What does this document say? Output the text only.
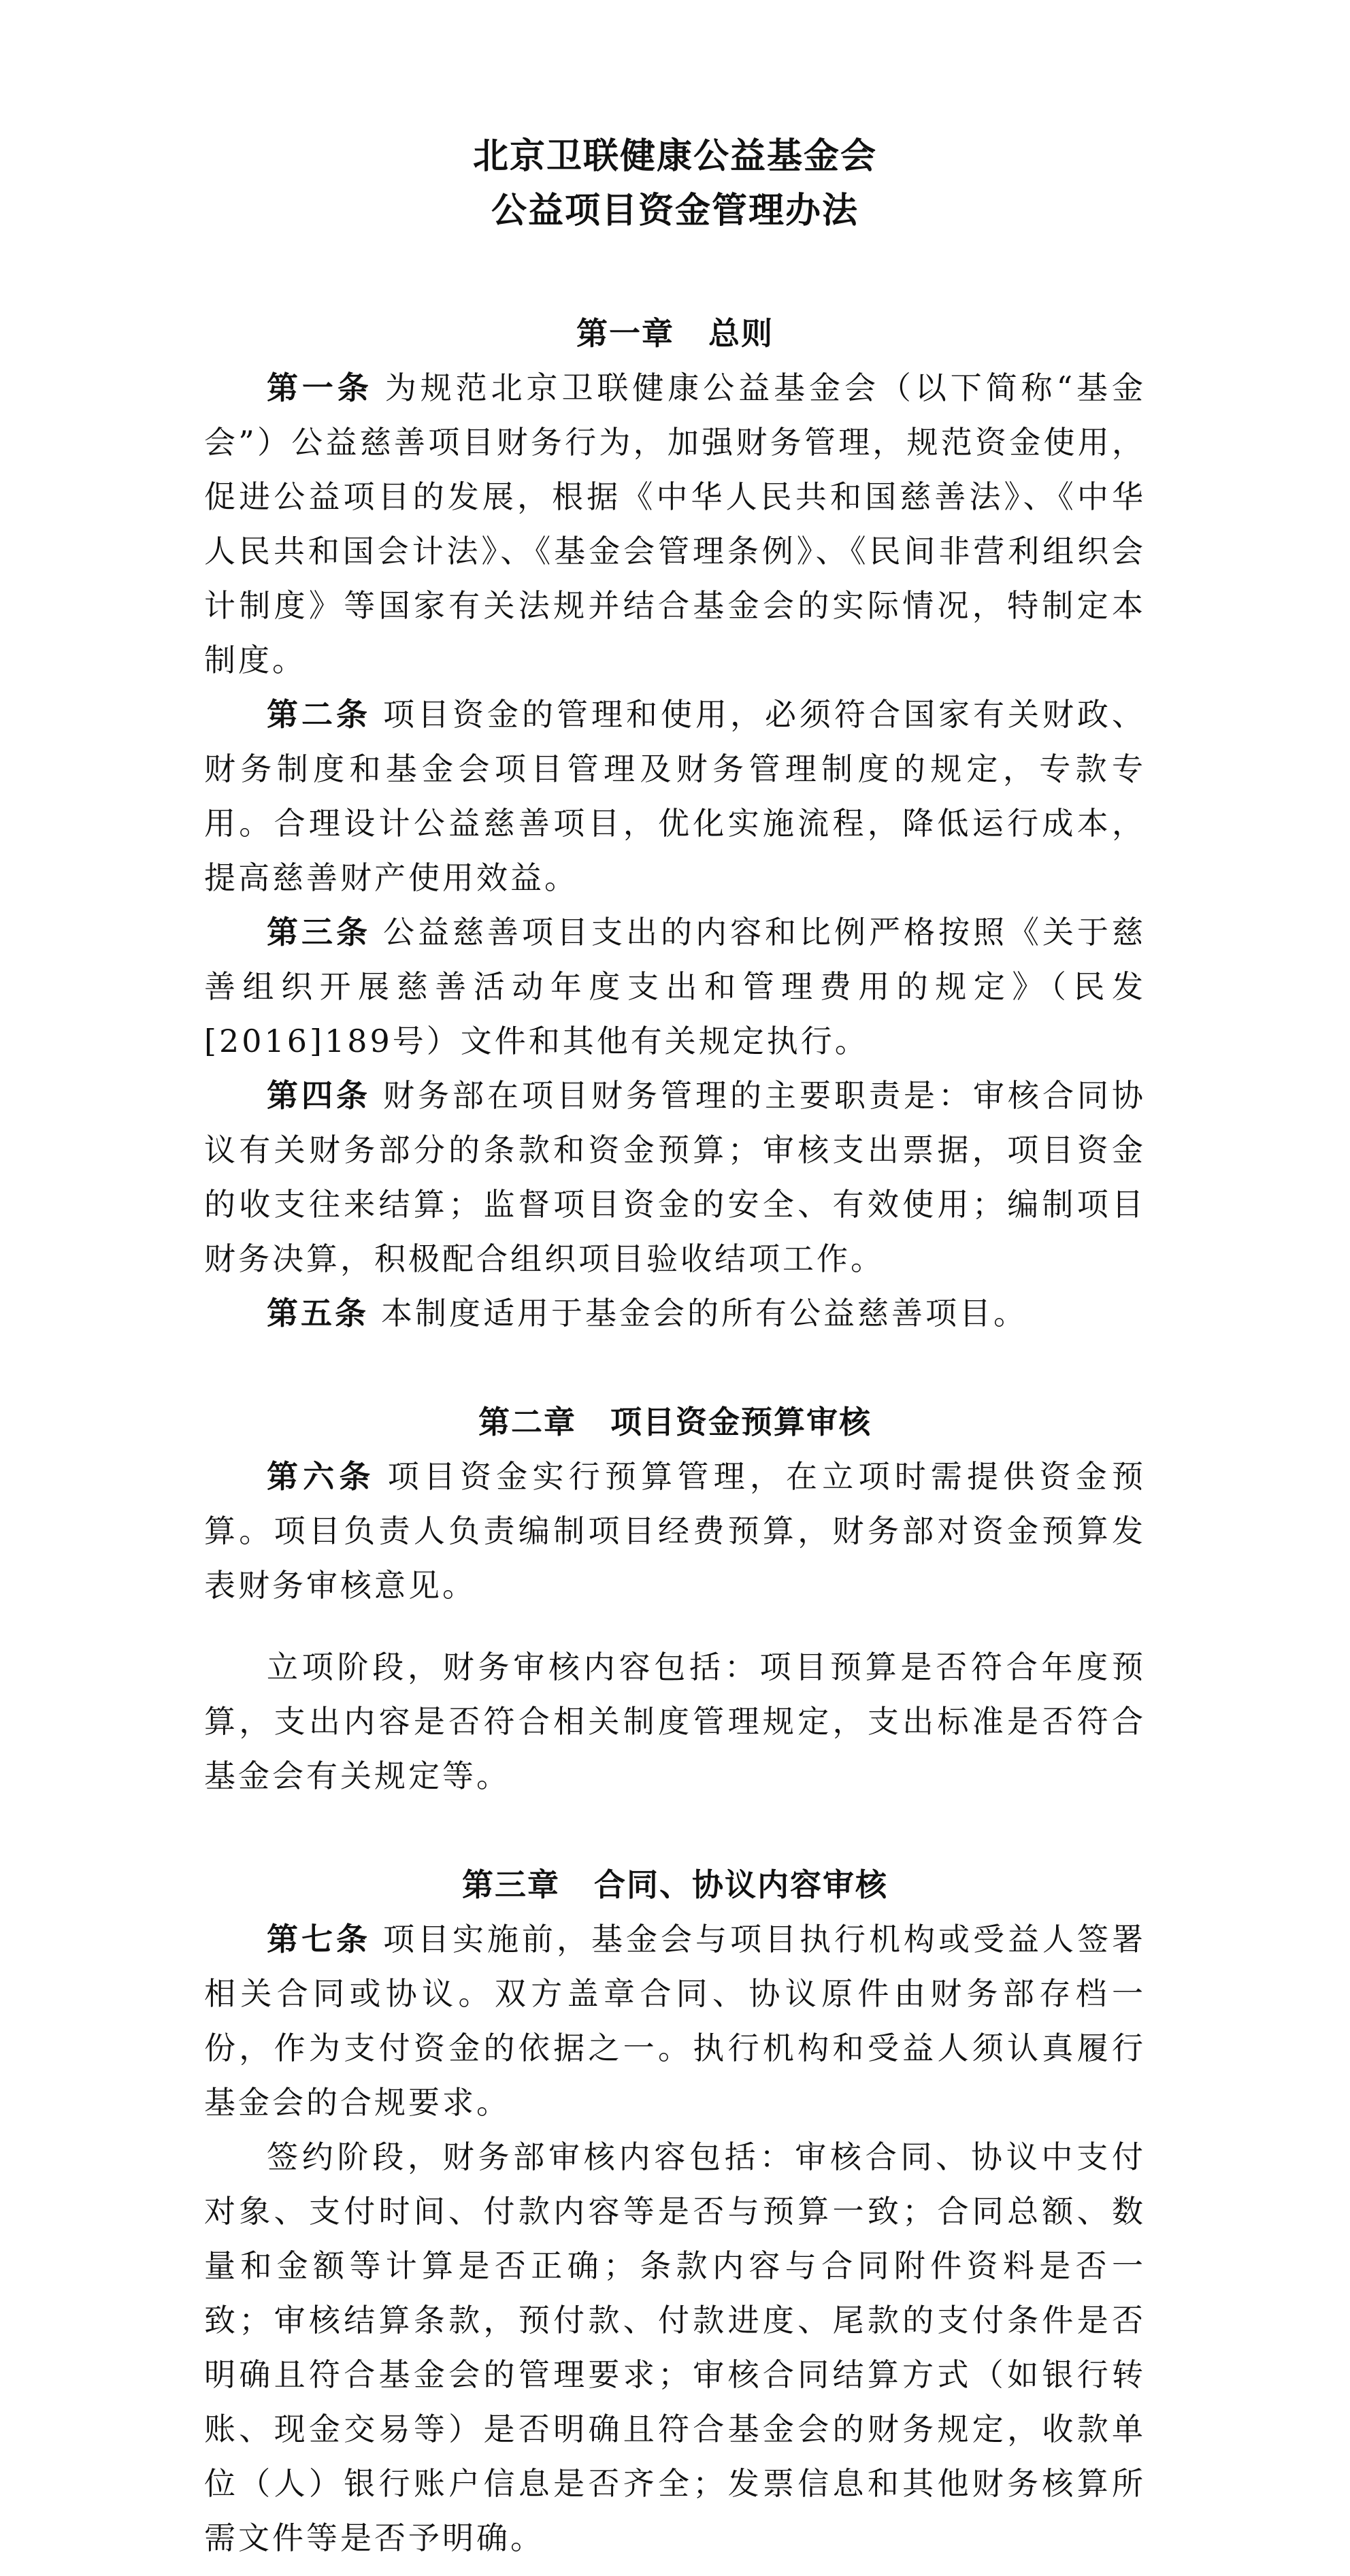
北京卫联健康公益基金会
公益项目资金管理办法
第一章 总则

第一条 为规范北京卫联健康公益基金会（以下简称“基金会”）公益慈善项目财务行为，加强财务管理，规范资金使用，促进公益项目的发展，根据《中华人民共和国慈善法》、《中华人民共和国会计法》、《基金会管理条例》、《民间非营利组织会计制度》等国家有关法规并结合基金会的实际情况，特制定本制度。

第二条 项目资金的管理和使用，必须符合国家有关财政、财务制度和基金会项目管理及财务管理制度的规定，专款专用。合理设计公益慈善项目，优化实施流程，降低运行成本，提高慈善财产使用效益。

第三条 公益慈善项目支出的内容和比例严格按照《关于慈善组织开展慈善活动年度支出和管理费用的规定》（民发[2016]189号）文件和其他有关规定执行。

第四条 财务部在项目财务管理的主要职责是：审核合同协议有关财务部分的条款和资金预算；审核支出票据，项目资金的收支往来结算；监督项目资金的安全、有效使用；编制项目财务决算，积极配合组织项目验收结项工作。

第五条 本制度适用于基金会的所有公益慈善项目。

第二章 项目资金预算审核

第六条 项目资金实行预算管理，在立项时需提供资金预算。项目负责人负责编制项目经费预算，财务部对资金预算发表财务审核意见。

立项阶段，财务审核内容包括：项目预算是否符合年度预算，支出内容是否符合相关制度管理规定，支出标准是否符合基金会有关规定等。

第三章 合同、协议内容审核

第七条 项目实施前，基金会与项目执行机构或受益人签署相关合同或协议。双方盖章合同、协议原件由财务部存档一份，作为支付资金的依据之一。执行机构和受益人须认真履行基金会的合规要求。

签约阶段，财务部审核内容包括：审核合同、协议中支付对象、支付时间、付款内容等是否与预算一致；合同总额、数量和金额等计算是否正确；条款内容与合同附件资料是否一致；审核结算条款，预付款、付款进度、尾款的支付条件是否明确且符合基金会的管理要求；审核合同结算方式（如银行转账、现金交易等）是否明确且符合基金会的财务规定，收款单位（人）银行账户信息是否齐全；发票信息和其他财务核算所需文件等是否予明确。
